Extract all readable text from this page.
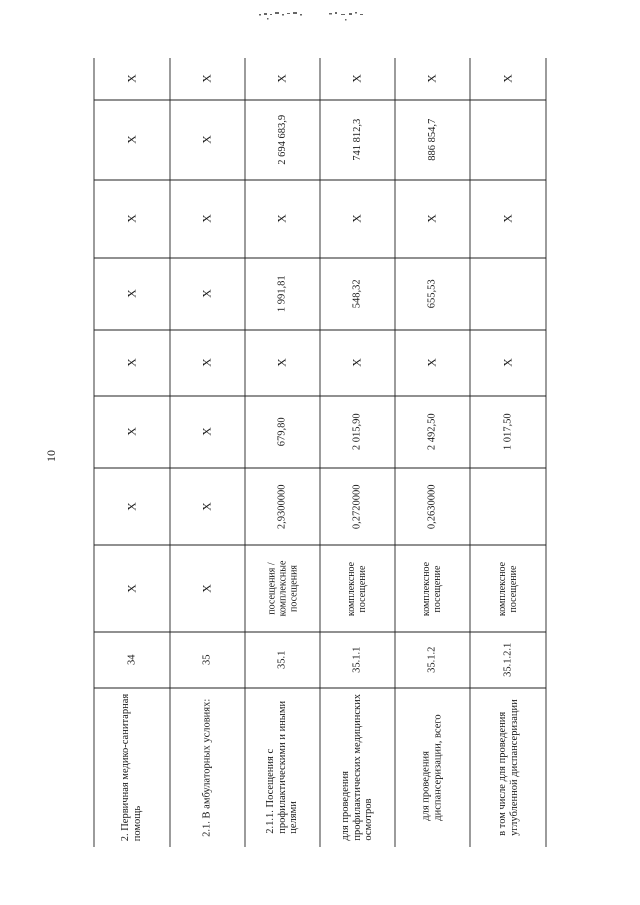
10
2. Первичная медико-санитарная
помощь
34
X
X
X
X
X
X
X
X
2.1. В амбулаторных условиях:
35
X
X
X
X
X
X
X
X
2.1.1. Посещения с
профилактическими и иными
целями
35.1
посещения /
комплексные
посещения
2,9300000
679,80
X
1 991,81
X
2 694 683,9
X
для проведения
профилактических медицинских
осмотров
35.1.1
комплексное
посещение
0,2720000
2 015,90
X
548,32
X
741 812,3
X
для проведения
диспансеризации, всего
35.1.2
комплексное
посещение
0,2630000
2 492,50
X
655,53
X
886 854,7
X
в том числе для проведения
углубленной диспансеризации
35.1.2.1
комплексное
посещение
1 017,50
X
X
X
